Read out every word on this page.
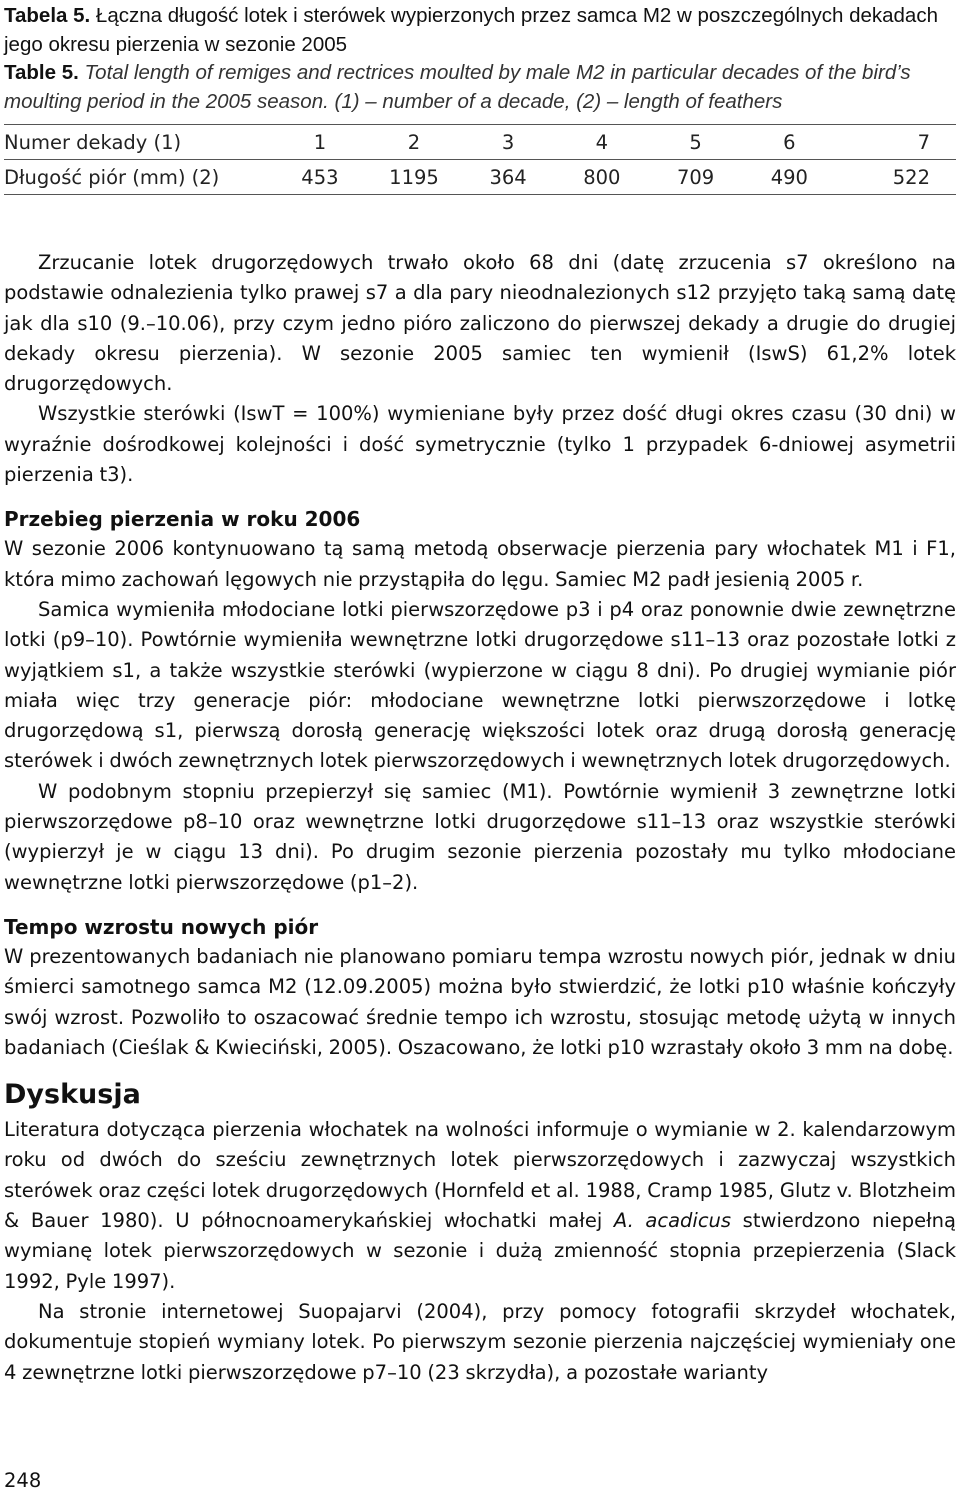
Tabela 5. Łączna długość lotek i sterówek wypierzonych przez samca M2 w poszczególnych dekadach jego okresu pierzenia w sezonie 2005
Table 5. Total length of remiges and rectrices moulted by male M2 in particular decades of the bird’s moulting period in the 2005 season. (1) – number of a decade, (2) – length of feathers

Numer dekady (1)	1	2	3	4	5	6	7
Długość piór (mm) (2)	453	1195	364	800	709	490	522

Zrzucanie lotek drugorzędowych trwało około 68 dni (datę zrzucenia s7 określono na podstawie odnalezienia tylko prawej s7 a dla pary nieodnalezionych s12 przyjęto taką samą datę jak dla s10 (9.–10.06), przy czym jedno pióro zaliczono do pierwszej dekady a drugie do drugiej dekady okresu pierzenia). W sezonie 2005 samiec ten wymienił (IswS) 61,2% lotek drugorzędowych.

Wszystkie sterówki (IswT = 100%) wymieniane były przez dość długi okres czasu (30 dni) w wyraźnie dośrodkowej kolejności i dość symetrycznie (tylko 1 przypadek 6-dniowej asymetrii pierzenia t3).

Przebieg pierzenia w roku 2006

W sezonie 2006 kontynuowano tą samą metodą obserwacje pierzenia pary włochatek M1 i F1, która mimo zachowań lęgowych nie przystąpiła do lęgu. Samiec M2 padł jesienią 2005 r.

Samica wymieniła młodociane lotki pierwszorzędowe p3 i p4 oraz ponownie dwie zewnętrzne lotki (p9–10). Powtórnie wymieniła wewnętrzne lotki drugorzędowe s11–13 oraz pozostałe lotki z wyjątkiem s1, a także wszystkie sterówki (wypierzone w ciągu 8 dni). Po drugiej wymianie piór miała więc trzy generacje piór: młodociane wewnętrzne lotki pierwszorzędowe i lotkę drugorzędową s1, pierwszą dorosłą generację większości lotek oraz drugą dorosłą generację sterówek i dwóch zewnętrznych lotek pierwszorzędowych i wewnętrznych lotek drugorzędowych.

W podobnym stopniu przepierzył się samiec (M1). Powtórnie wymienił 3 zewnętrzne lotki pierwszorzędowe p8–10 oraz wewnętrzne lotki drugorzędowe s11–13 oraz wszystkie sterówki (wypierzył je w ciągu 13 dni). Po drugim sezonie pierzenia pozostały mu tylko młodociane wewnętrzne lotki pierwszorzędowe (p1–2).

Tempo wzrostu nowych piór

W prezentowanych badaniach nie planowano pomiaru tempa wzrostu nowych piór, jednak w dniu śmierci samotnego samca M2 (12.09.2005) można było stwierdzić, że lotki p10 właśnie kończyły swój wzrost. Pozwoliło to oszacować średnie tempo ich wzrostu, stosując metodę użytą w innych badaniach (Cieślak & Kwieciński, 2005). Oszacowano, że lotki p10 wzrastały około 3 mm na dobę.

Dyskusja

Literatura dotycząca pierzenia włochatek na wolności informuje o wymianie w 2. kalendarzowym roku od dwóch do sześciu zewnętrznych lotek pierwszorzędowych i zazwyczaj wszystkich sterówek oraz części lotek drugorzędowych (Hornfeld et al. 1988, Cramp 1985, Glutz v. Blotzheim & Bauer 1980). U północnoamerykańskiej włochatki małej A. acadicus stwierdzono niepełną wymianę lotek pierwszorzędowych w sezonie i dużą zmienność stopnia przepierzenia (Slack 1992, Pyle 1997).

Na stronie internetowej Suopajarvi (2004), przy pomocy fotografii skrzydeł włochatek, dokumentuje stopień wymiany lotek. Po pierwszym sezonie pierzenia najczęściej wymieniały one 4 zewnętrzne lotki pierwszorzędowe p7–10 (23 skrzydła), a pozostałe warianty

248
